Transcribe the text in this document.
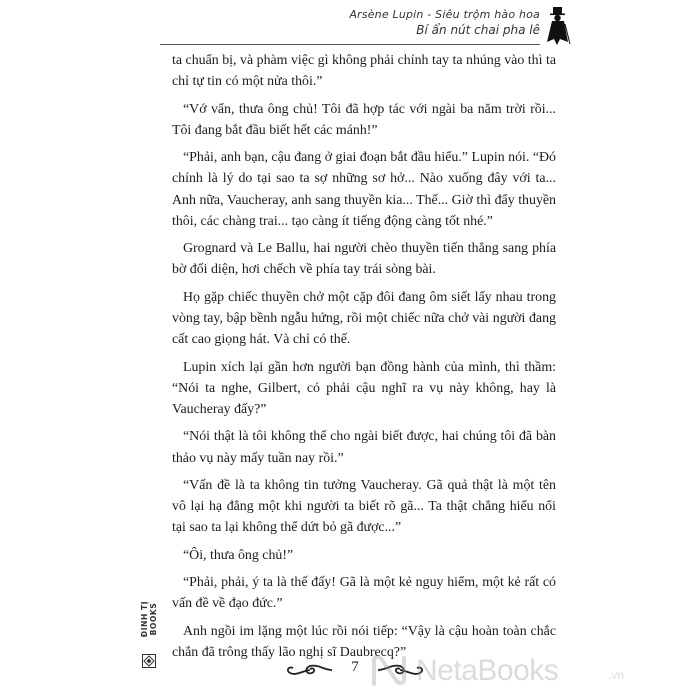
Arsène Lupin - Siêu trộm hào hoa
Bí ẩn nút chai pha lê

ta chuẩn bị, và phàm việc gì không phải chính tay ta nhúng vào thì ta chỉ tự tin có một nửa thôi.”

“Vớ vẩn, thưa ông chủ! Tôi đã hợp tác với ngài ba năm trời rồi... Tôi đang bắt đầu biết hết các mánh!”

“Phải, anh bạn, cậu đang ở giai đoạn bắt đầu hiểu.” Lupin nói. “Đó chính là lý do tại sao ta sợ những sơ hở... Nào xuống đây với ta... Anh nữa, Vaucheray, anh sang thuyền kia... Thế... Giờ thì đẩy thuyền thôi, các chàng trai... tạo càng ít tiếng động càng tốt nhé.”

Grognard và Le Ballu, hai người chèo thuyền tiến thẳng sang phía bờ đối diện, hơi chếch về phía tay trái sòng bài.

Họ gặp chiếc thuyền chở một cặp đôi đang ôm siết lấy nhau trong vòng tay, bập bềnh ngẫu hứng, rồi một chiếc nữa chở vài người đang cất cao giọng hát. Và chỉ có thế.

Lupin xích lại gần hơn người bạn đồng hành của mình, thì thầm: “Nói ta nghe, Gilbert, có phải cậu nghĩ ra vụ này không, hay là Vaucheray đấy?”

“Nói thật là tôi không thể cho ngài biết được, hai chúng tôi đã bàn thảo vụ này mấy tuần nay rồi.”

“Vấn đề là ta không tin tưởng Vaucheray. Gã quả thật là một tên vô lại hạ đẳng một khi người ta biết rõ gã... Ta thật chẳng hiểu nổi tại sao ta lại không thể dứt bỏ gã được...”

“Ôi, thưa ông chủ!”

“Phải, phải, ý ta là thế đấy! Gã là một kẻ nguy hiểm, một kẻ rất có vấn đề về đạo đức.”

Anh ngồi im lặng một lúc rồi nói tiếp: “Vậy là cậu hoàn toàn chắc chắn đã trông thấy lão nghị sĩ Daubrecq?”

ĐINH TỊ BOOKS
7	NetaBooks	.vn
